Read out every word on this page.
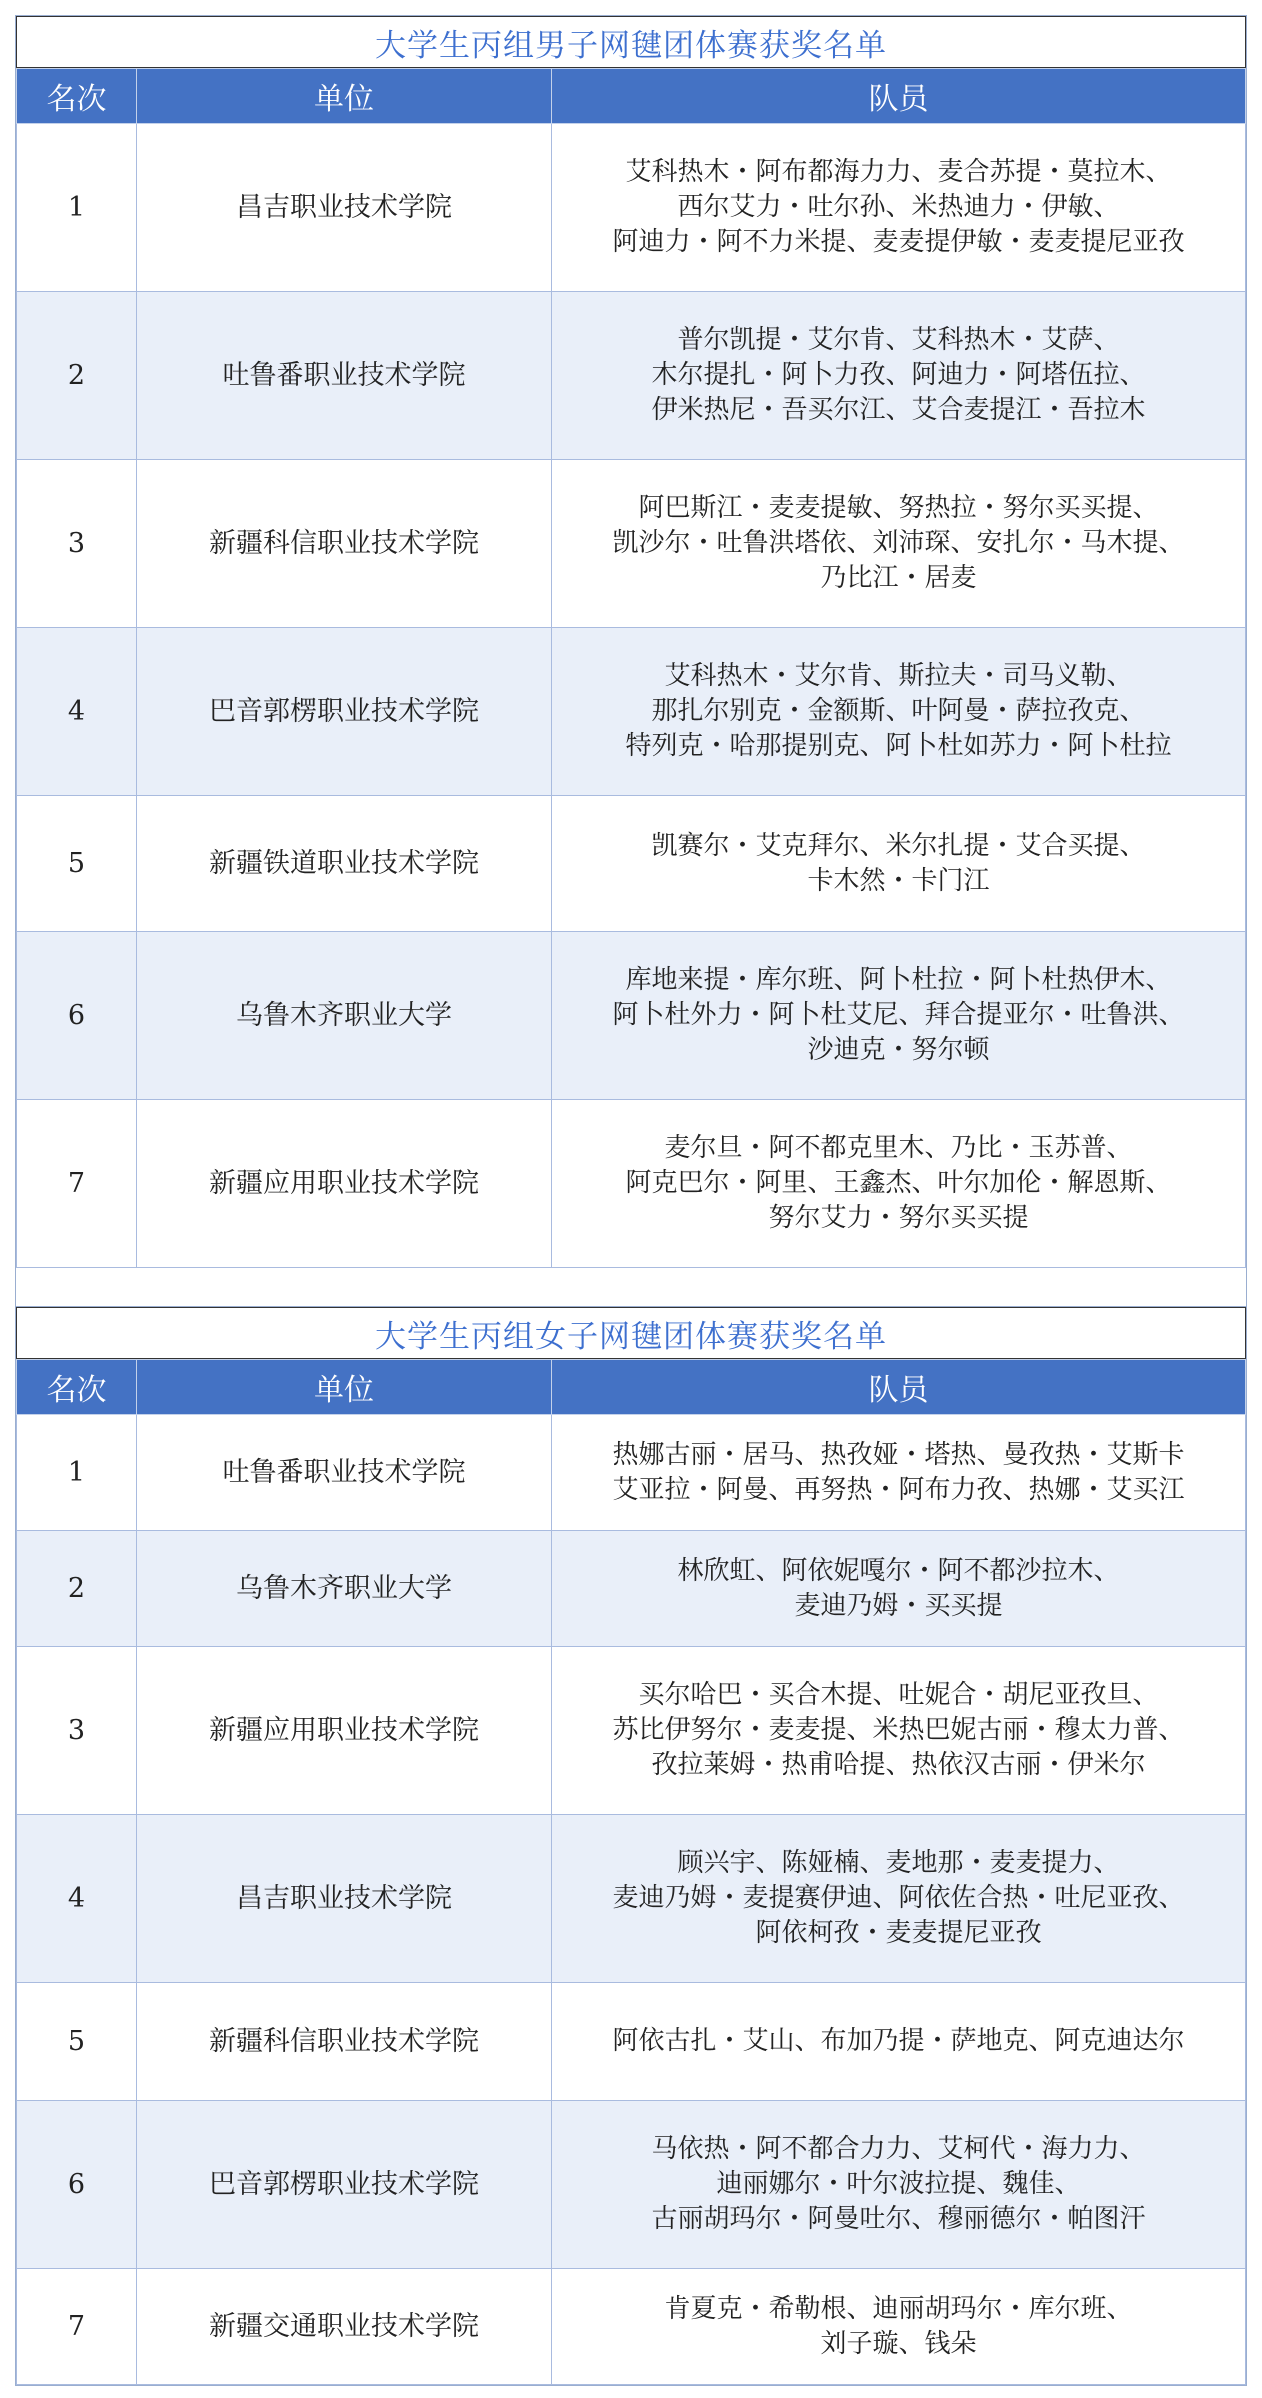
大学生丙组男子网毽团体赛获奖名单
名次	单位	队员
1	昌吉职业技术学院	艾科热木・阿布都海力力、麦合苏提・莫拉木、
西尔艾力・吐尔孙、米热迪力・伊敏、
阿迪力・阿不力米提、麦麦提伊敏・麦麦提尼亚孜

2	吐鲁番职业技术学院	普尔凯提・艾尔肯、艾科热木・艾萨、
木尔提扎・阿卜力孜、阿迪力・阿塔伍拉、
伊米热尼・吾买尔江、艾合麦提江・吾拉木

3	新疆科信职业技术学院	阿巴斯江・麦麦提敏、努热拉・努尔买买提、
凯沙尔・吐鲁洪塔依、刘沛琛、安扎尔・马木提、
乃比江・居麦

4	巴音郭楞职业技术学院	艾科热木・艾尔肯、斯拉夫・司马义勒、
那扎尔别克・金额斯、叶阿曼・萨拉孜克、
特列克・哈那提别克、阿卜杜如苏力・阿卜杜拉

5	新疆铁道职业技术学院	凯赛尔・艾克拜尔、米尔扎提・艾合买提、
卡木然・卡门江

6	乌鲁木齐职业大学	库地来提・库尔班、阿卜杜拉・阿卜杜热伊木、
阿卜杜外力・阿卜杜艾尼、拜合提亚尔・吐鲁洪、
沙迪克・努尔顿

7	新疆应用职业技术学院	麦尔旦・阿不都克里木、乃比・玉苏普、
阿克巴尔・阿里、王鑫杰、叶尔加伦・解恩斯、
努尔艾力・努尔买买提
大学生丙组女子网毽团体赛获奖名单
名次	单位	队员
1	吐鲁番职业技术学院	热娜古丽・居马、热孜娅・塔热、曼孜热・艾斯卡
艾亚拉・阿曼、再努热・阿布力孜、热娜・艾买江

2	乌鲁木齐职业大学	林欣虹、阿依妮嘎尔・阿不都沙拉木、
麦迪乃姆・买买提

3	新疆应用职业技术学院	买尔哈巴・买合木提、吐妮合・胡尼亚孜旦、
苏比伊努尔・麦麦提、米热巴妮古丽・穆太力普、
孜拉莱姆・热甫哈提、热依汉古丽・伊米尔

4	昌吉职业技术学院	顾兴宇、陈娅楠、麦地那・麦麦提力、
麦迪乃姆・麦提赛伊迪、阿依佐合热・吐尼亚孜、
阿依柯孜・麦麦提尼亚孜

5	新疆科信职业技术学院	阿依古扎・艾山、布加乃提・萨地克、阿克迪达尔

6	巴音郭楞职业技术学院	马依热・阿不都合力力、艾柯代・海力力、
迪丽娜尔・叶尔波拉提、魏佳、
古丽胡玛尔・阿曼吐尔、穆丽德尔・帕图汗

7	新疆交通职业技术学院	肯夏克・希勒根、迪丽胡玛尔・库尔班、
刘子璇、钱朵
